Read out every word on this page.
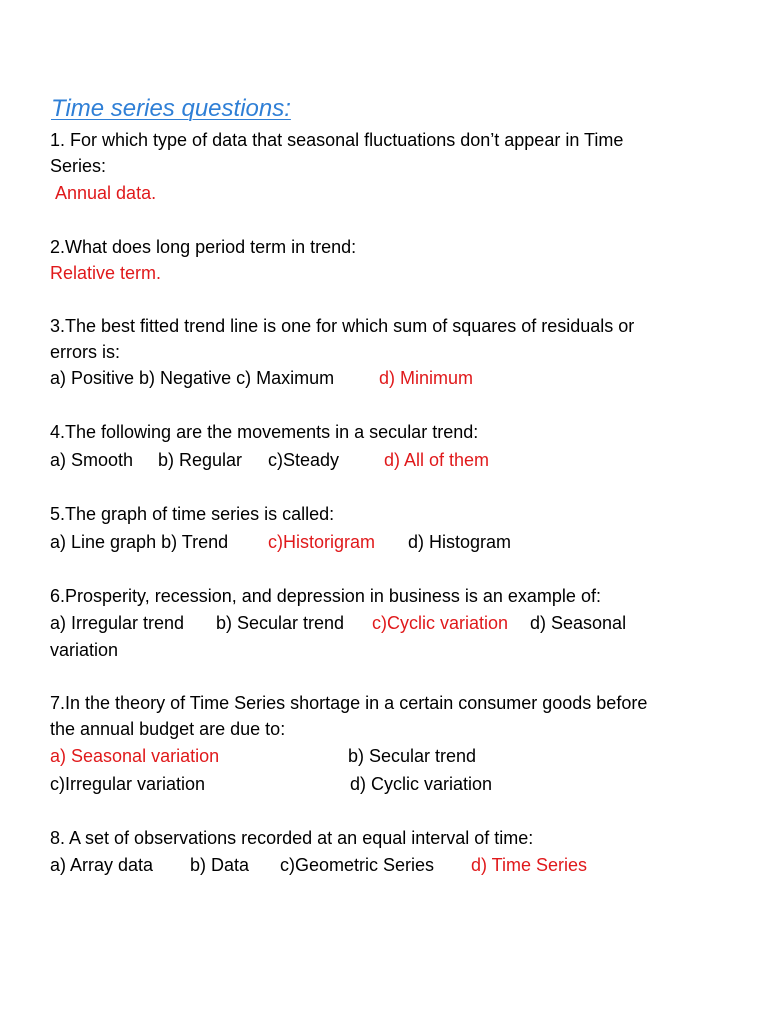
Time series questions:
1. For which type of data that seasonal fluctuations don’t appear in Time
Series:
Annual data.
2.What does long period term in trend:
Relative term.
3.The best fitted trend line is one for which sum of squares of residuals or
errors is:
a) Positive b) Negative c) Maximum d) Minimum
4.The following are the movements in a secular trend:
a) Smooth b) Regular c)Steady d) All of them
5.The graph of time series is called:
a) Line graph b) Trend c)Historigram d) Histogram
6.Prosperity, recession, and depression in business is an example of:
a) Irregular trend b) Secular trend c)Cyclic variation d) Seasonal
variation
7.In the theory of Time Series shortage in a certain consumer goods before
the annual budget are due to:
a) Seasonal variation	b) Secular trend
c)Irregular variation	d) Cyclic variation
8. A set of observations recorded at an equal interval of time:
a) Array data b) Data c)Geometric Series d) Time Series
